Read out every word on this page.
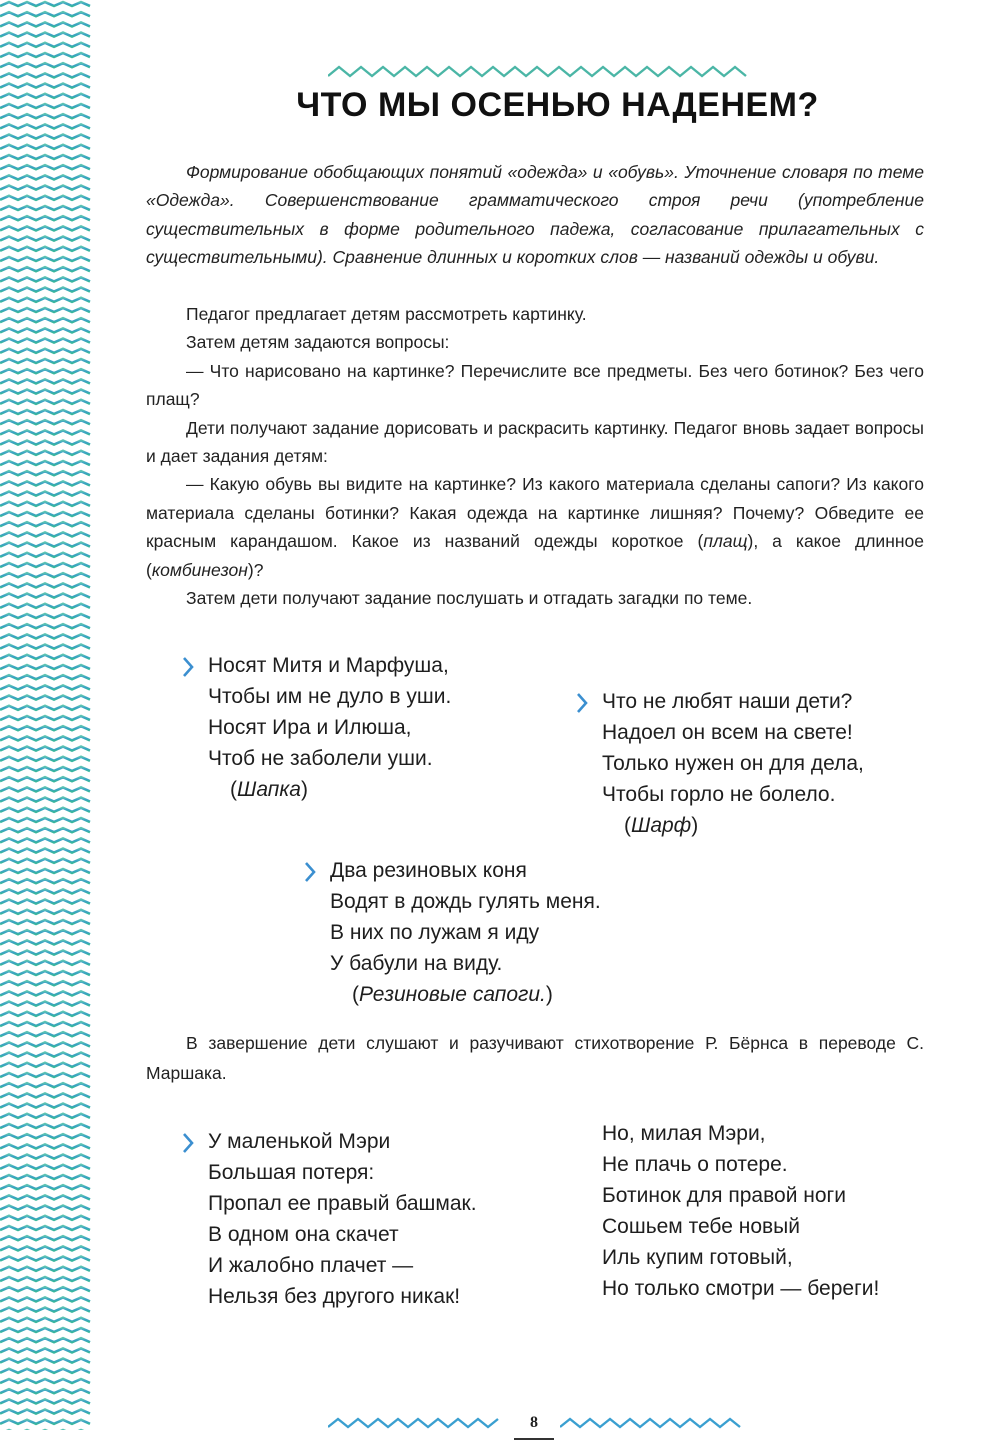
ЧТО МЫ ОСЕНЬЮ НАДЕНЕМ?

Формирование обобщающих понятий «одежда» и «обувь». Уточнение словаря по теме «Одежда». Совершенствование грамматического строя речи (употребление существительных в форме родительного падежа, согласование прилагательных с существительными). Сравнение длинных и коротких слов — названий одежды и обуви.

Педагог предлагает детям рассмотреть картинку.

Затем детям задаются вопросы:

— Что нарисовано на картинке? Перечислите все предметы. Без чего ботинок? Без чего плащ?

Дети получают задание дорисовать и раскрасить картинку. Педагог вновь задает вопросы и дает задания детям:

— Какую обувь вы видите на картинке? Из какого материала сделаны сапоги? Из какого материала сделаны ботинки? Какая одежда на картинке лишняя? Почему? Обведите ее красным карандашом. Какое из названий одежды короткое (плащ), а какое длинное (комбинезон)?

Затем дети получают задание послушать и отгадать загадки по теме.

Носят Митя и Марфуша,
Чтобы им не дуло в уши.
Носят Ира и Илюша,
Чтоб не заболели уши.
(Шапка)
Что не любят наши дети?
Надоел он всем на свете!
Только нужен он для дела,
Чтобы горло не болело.
(Шарф)
Два резиновых коня
Водят в дождь гулять меня.
В них по лужам я иду
У бабули на виду.
(Резиновые сапоги.)

В завершение дети слушают и разучивают стихотворение Р. Бёрнса в переводе С. Маршака.

У маленькой Мэри
Большая потеря:
Пропал ее правый башмак.
В одном она скачет
И жалобно плачет —
Нельзя без другого никак!
Но, милая Мэри,
Не плачь о потере.
Ботинок для правой ноги
Сошьем тебе новый
Иль купим готовый,
Но только смотри — береги!
8
